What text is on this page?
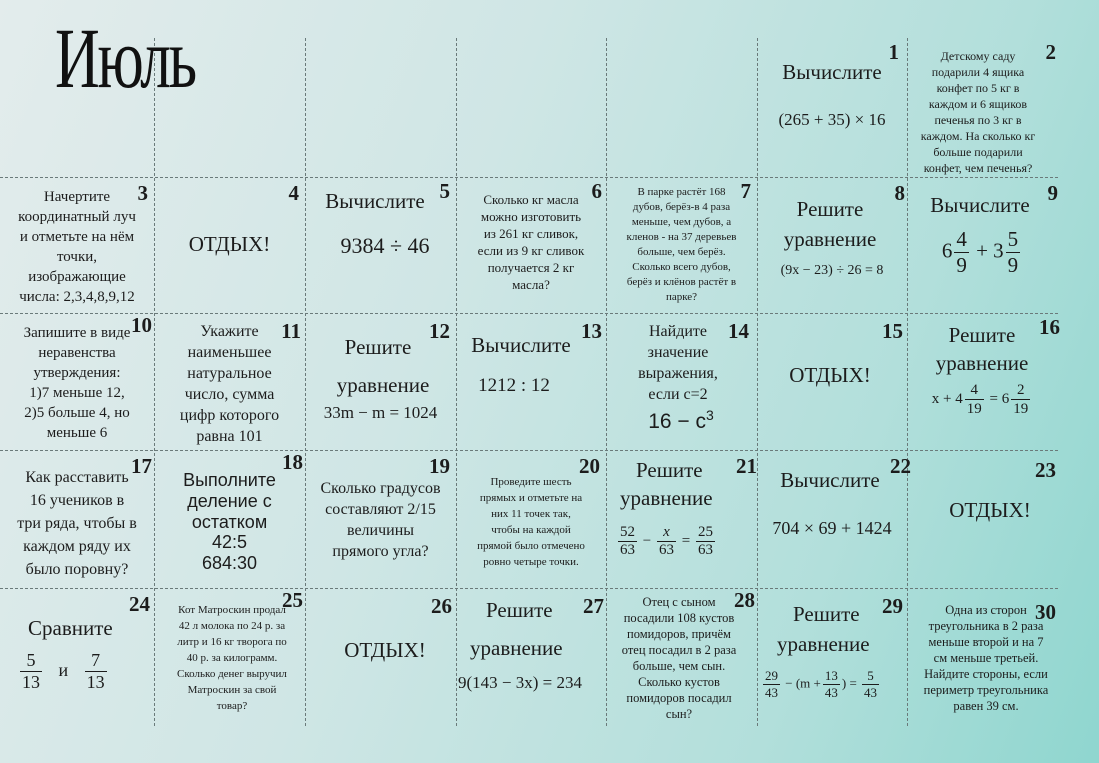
Июль	1
Вычислите
(265 + 35) × 16
2
Детскому саду
подарили 4 ящика
конфет по 5 кг в
каждом и 6 ящиков
печенья по 3 кг в
каждом. На сколько кг
больше подарили
конфет, чем печенья?
3
Начертите
координатный луч
и отметьте на нём
точки,
изображающие
числа: 2,3,4,8,9,12
4
ОТДЫХ!
5
Вычислите
9384 ÷ 46
6
Сколько кг масла
можно изготовить
из 261 кг сливок,
если из 9 кг сливок
получается 2 кг
масла?
7
В парке растёт 168
дубов, берёз-в 4 раза
меньше, чем дубов, а
кленов - на 37 деревьев
больше, чем берёз.
Сколько всего дубов,
берёз и клёнов растёт в
парке?
8
Решите
уравнение
(9x − 23) ÷ 26 = 8
9
Вычислите
$6 \frac{4}{9} + 3 \frac{5}{9}$
10
Запишите в виде
неравенства
утверждения:
1)7 меньше 12,
2)5 больше 4, но
меньше 6
11
Укажите
наименьшее
натуральное
число, сумма
цифр которого
равна 101
12
Решите
уравнение
33m − m = 1024
13
Вычислите
1212 : 12
14
Найдите
значение
выражения,
если c=2
$16 - c^3$
15
ОТДЫХ!
16
Решите
уравнение
$x + 4 \frac{4}{19} = 6 \frac{2}{19}$
17
Как расставить
16 учеников в
три ряда, чтобы в
каждом ряду их
было поровну?
18
Выполните
деление с
остатком
42:5
684:30
19
Сколько градусов
составляют 2/15
величины
прямого угла?
20
Проведите шесть
прямых и отметьте на
них 11 точек так,
чтобы на каждой
прямой было отмечено
ровно четыре точки.
21
Решите
уравнение
$\frac{52}{63} - \frac{x}{63} = \frac{25}{63}$
22
Вычислите
704 × 69 + 1424
23
ОТДЫХ!
24
Сравните
$\frac{5}{13}$ и $\frac{7}{13}$
25
Кот Матроскин продал
42 л молока по 24 р. за
литр и 16 кг творога по
40 р. за килограмм.
Сколько денег выручил
Матроскин за свой
товар?
26
ОТДЫХ!
27
Решите
уравнение
9(143 − 3x) = 234
28
Отец с сыном
посадили 108 кустов
помидоров, причём
отец посадил в 2 раза
больше, чем сын.
Сколько кустов
помидоров посадил
сын?
29
Решите
уравнение
$\frac{29}{43} - (m + \frac{13}{43}$ ) = $\frac{5}{43}$
30
Одна из сторон
треугольника в 2 раза
меньше второй и на 7
см меньше третьей.
Найдите стороны, если
периметр треугольника
равен 39 см.
